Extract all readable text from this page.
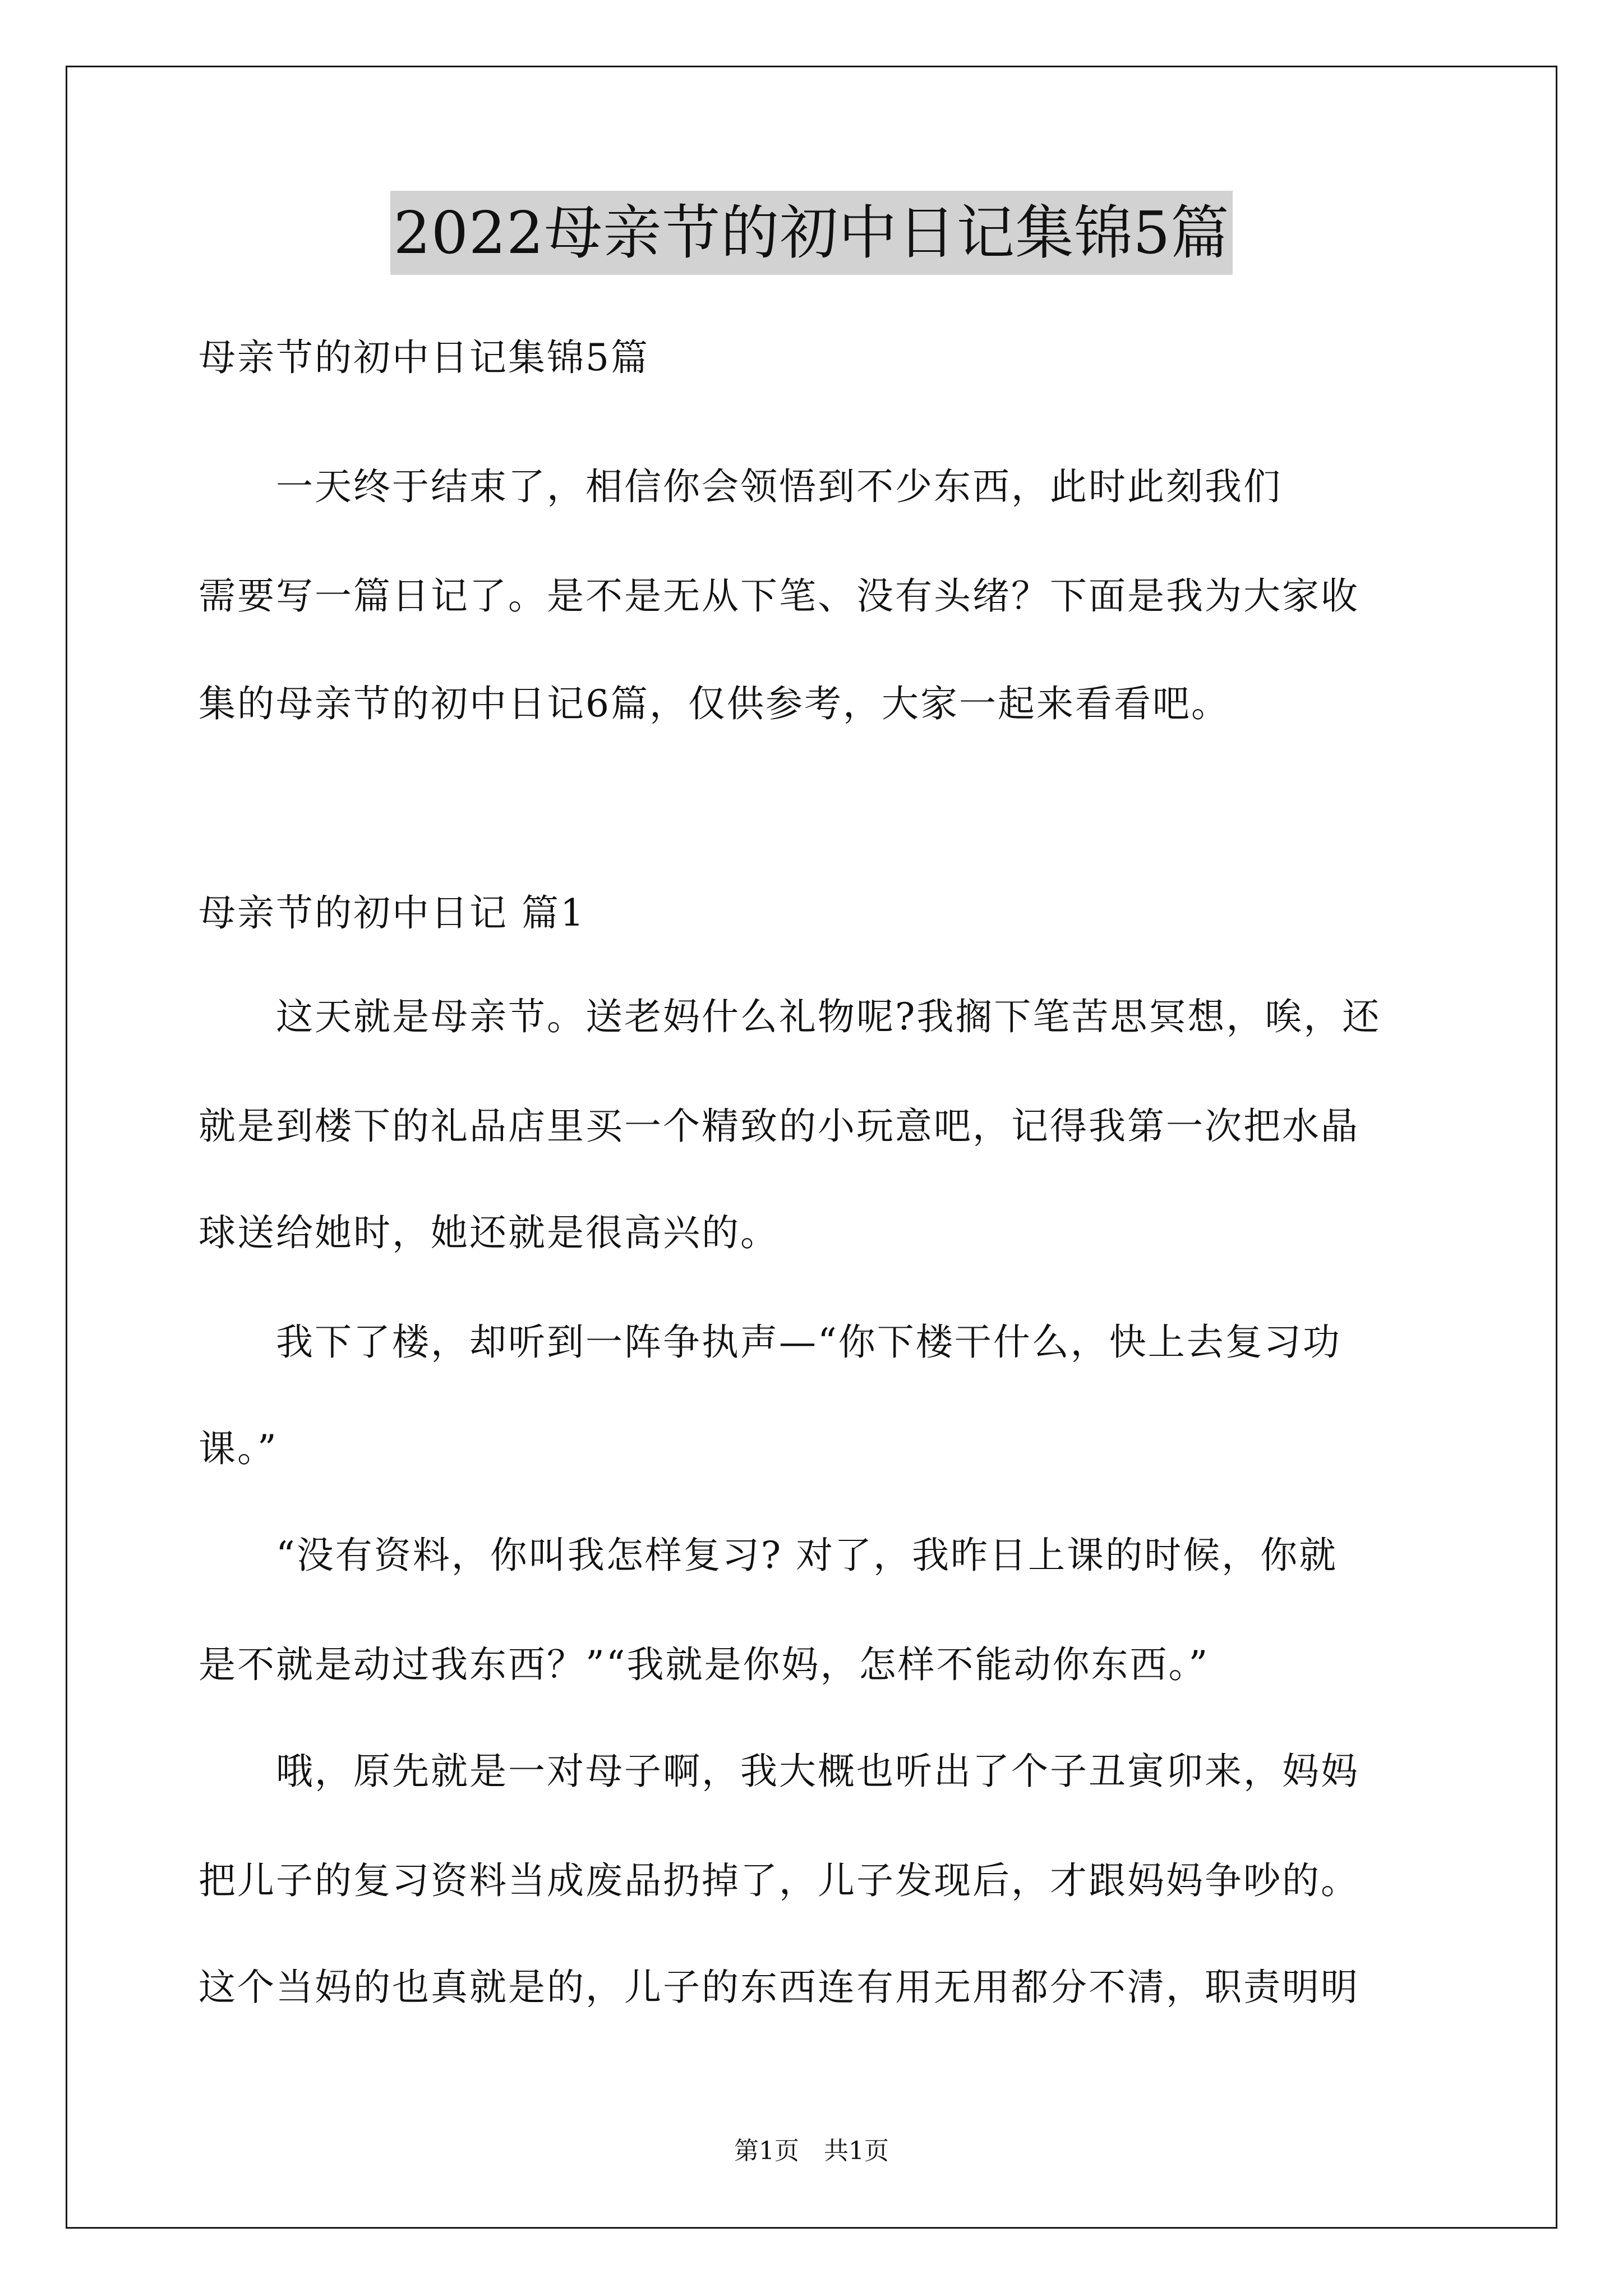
2022母亲节的初中日记集锦5篇
母亲节的初中日记集锦5篇
　　一天终于结束了，相信你会领悟到不少东西，此时此刻我们
需要写一篇日记了。是不是无从下笔、没有头绪？下面是我为大家收
集的母亲节的初中日记6篇，仅供参考，大家一起来看看吧。
母亲节的初中日记 篇1
　　这天就是母亲节。送老妈什么礼物呢?我搁下笔苦思冥想，唉，还
就是到楼下的礼品店里买一个精致的小玩意吧，记得我第一次把水晶
球送给她时，她还就是很高兴的。
　　我下了楼，却听到一阵争执声—“你下楼干什么，快上去复习功
课。”
　　“没有资料，你叫我怎样复习? 对了，我昨日上课的时候，你就
是不就是动过我东西？”“我就是你妈，怎样不能动你东西。”
　　哦，原先就是一对母子啊，我大概也听出了个子丑寅卯来，妈妈
把儿子的复习资料当成废品扔掉了，儿子发现后，才跟妈妈争吵的。
这个当妈的也真就是的，儿子的东西连有用无用都分不清，职责明明
第1页　共1页
